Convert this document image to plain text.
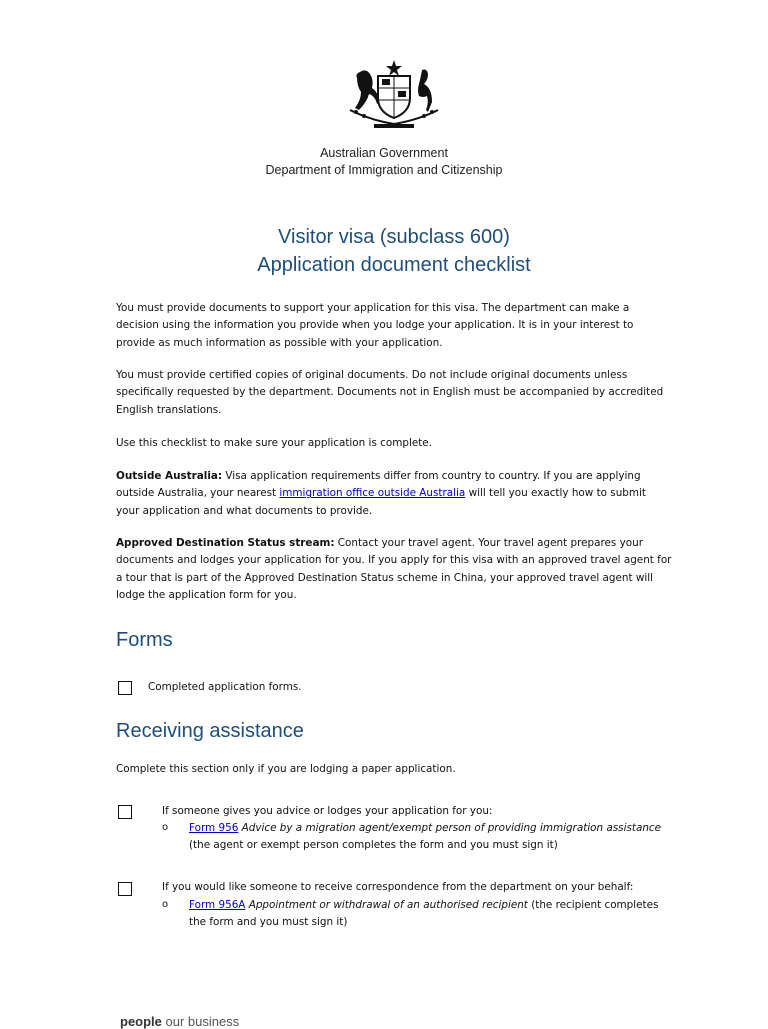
Australian Government
Department of Immigration and Citizenship
Visitor visa (subclass 600)
Application document checklist
You must provide documents to support your application for this visa. The department can make a
decision using the information you provide when you lodge your application. It is in your interest to
provide as much information as possible with your application.
You must provide certified copies of original documents. Do not include original documents unless
specifically requested by the department. Documents not in English must be accompanied by accredited
English translations.
Use this checklist to make sure your application is complete.
Outside Australia: Visa application requirements differ from country to country. If you are applying
outside Australia, your nearest immigration office outside Australia will tell you exactly how to submit
your application and what documents to provide.
Approved Destination Status stream: Contact your travel agent. Your travel agent prepares your
documents and lodges your application for you. If you apply for this visa with an approved travel agent for
a tour that is part of the Approved Destination Status scheme in China, your approved travel agent will
lodge the application form for you.
Forms
Completed application forms.
Receiving assistance
Complete this section only if you are lodging a paper application.
If someone gives you advice or lodges your application for you:
o Form 956 Advice by a migration agent/exempt person of providing immigration assistance
(the agent or exempt person completes the form and you must sign it)
If you would like someone to receive correspondence from the department on your behalf:
o Form 956A Appointment or withdrawal of an authorised recipient (the recipient completes
the form and you must sign it)
people our business
